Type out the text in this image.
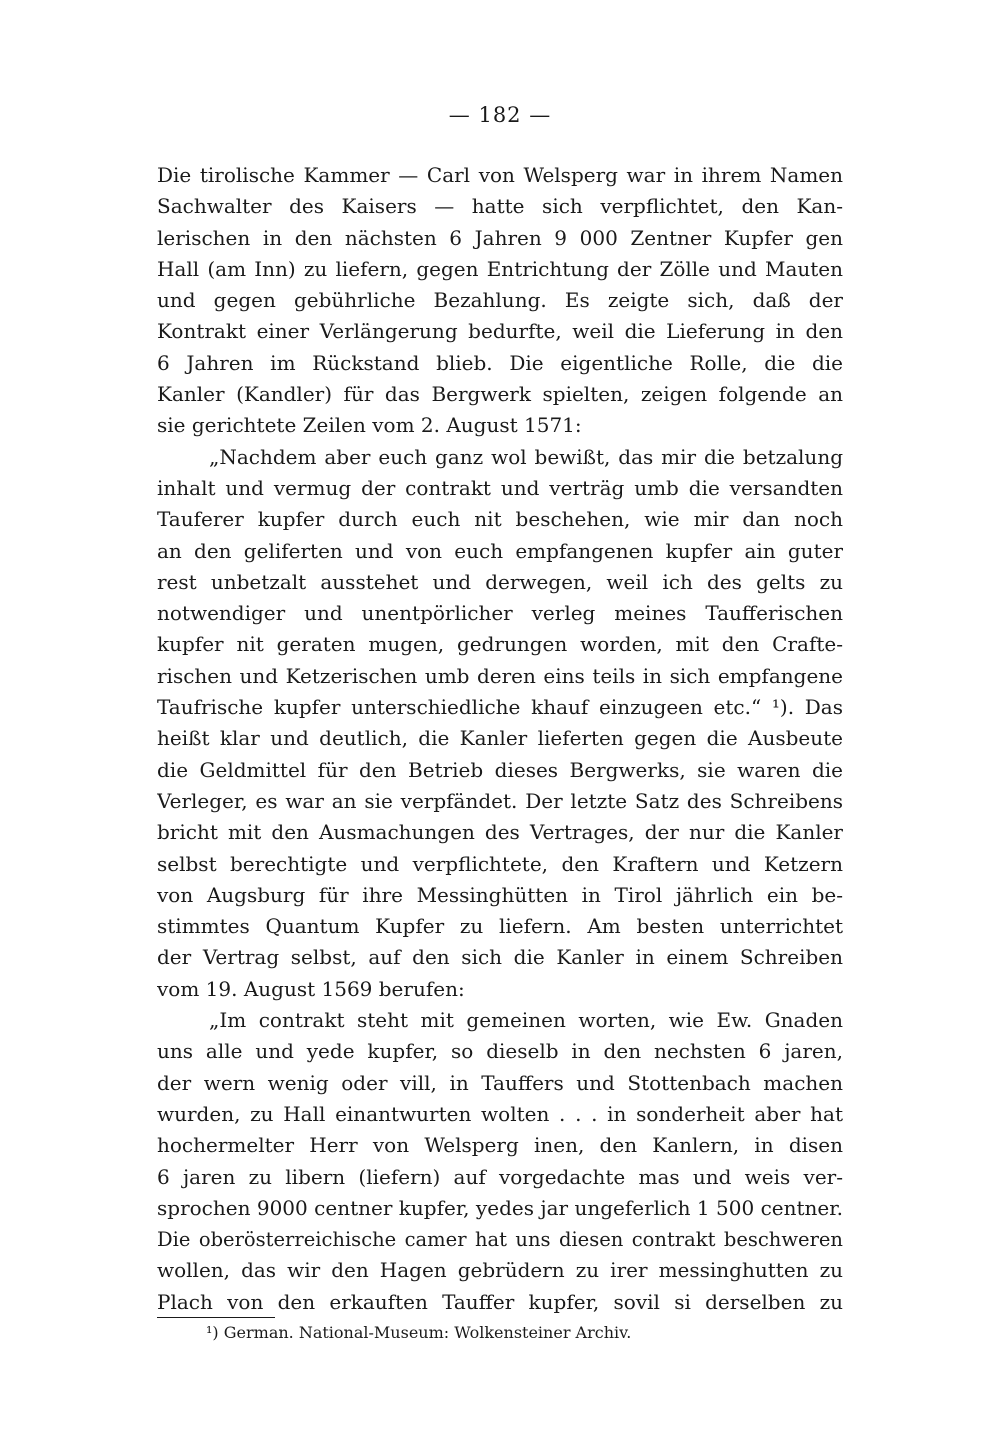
— 182 —
Die tirolische Kammer — Carl von Welsperg war in ihrem Namen
Sachwalter des Kaisers — hatte sich verpflichtet, den Kan-
lerischen in den nächsten 6 Jahren 9 000 Zentner Kupfer gen
Hall (am Inn) zu liefern, gegen Entrichtung der Zölle und Mauten
und gegen gebührliche Bezahlung. Es zeigte sich, daß der
Kontrakt einer Verlängerung bedurfte, weil die Lieferung in den
6 Jahren im Rückstand blieb. Die eigentliche Rolle, die die
Kanler (Kandler) für das Bergwerk spielten, zeigen folgende an
sie gerichtete Zeilen vom 2. August 1571:
„Nachdem aber euch ganz wol bewißt, das mir die betzalung
inhalt und vermug der contrakt und verträg umb die versandten
Tauferer kupfer durch euch nit beschehen, wie mir dan noch
an den geliferten und von euch empfangenen kupfer ain guter
rest unbetzalt ausstehet und derwegen, weil ich des gelts zu
notwendiger und unentpörlicher verleg meines Taufferischen
kupfer nit geraten mugen, gedrungen worden, mit den Crafte-
rischen und Ketzerischen umb deren eins teils in sich empfangene
Taufrische kupfer unterschiedliche khauf einzugeen etc.“ ¹). Das
heißt klar und deutlich, die Kanler lieferten gegen die Ausbeute
die Geldmittel für den Betrieb dieses Bergwerks, sie waren die
Verleger, es war an sie verpfändet. Der letzte Satz des Schreibens
bricht mit den Ausmachungen des Vertrages, der nur die Kanler
selbst berechtigte und verpflichtete, den Kraftern und Ketzern
von Augsburg für ihre Messinghütten in Tirol jährlich ein be-
stimmtes Quantum Kupfer zu liefern. Am besten unterrichtet
der Vertrag selbst, auf den sich die Kanler in einem Schreiben
vom 19. August 1569 berufen:
„Im contrakt steht mit gemeinen worten, wie Ew. Gnaden
uns alle und yede kupfer, so dieselb in den nechsten 6 jaren,
der wern wenig oder vill, in Tauffers und Stottenbach machen
wurden, zu Hall einantwurten wolten . . . in sonderheit aber hat
hochermelter Herr von Welsperg inen, den Kanlern, in disen
6 jaren zu libern (liefern) auf vorgedachte mas und weis ver-
sprochen 9000 centner kupfer, yedes jar ungeferlich 1 500 centner.
Die oberösterreichische camer hat uns diesen contrakt beschweren
wollen, das wir den Hagen gebrüdern zu irer messinghutten zu
Plach von den erkauften Tauffer kupfer, sovil si derselben zu
¹) German. National-Museum: Wolkensteiner Archiv.
